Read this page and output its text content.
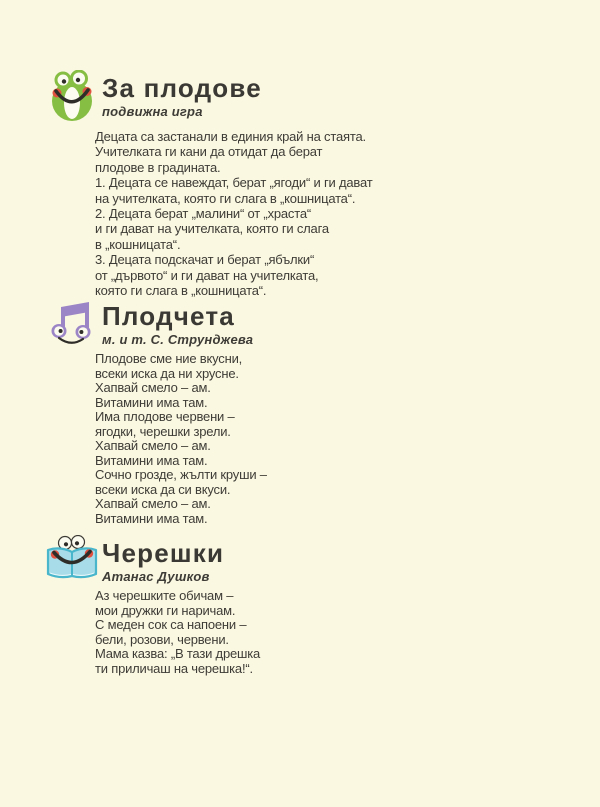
За плодове
подвижна игра
Децата са застанали в единия край на стаята.
Учителката ги кани да отидат да берат
плодове в градината.
1. Децата се навеждат, берат „ягоди“ и ги дават
на учителката, която ги слага в „кошницата“.
2. Децата берат „малини“ от „храста“
и ги дават на учителката, която ги слага
в „кошницата“.
3. Децата подскачат и берат „ябълки“
от „дървото“ и ги дават на учителката,
която ги слага в „кошницата“.
Плодчета
м. и т. С. Струнджева
Плодове сме ние вкусни,
всеки иска да ни хрусне.
Хапвай смело – ам.
Витамини има там.
Има плодове червени –
ягодки, черешки зрели.
Хапвай смело – ам.
Витамини има там.
Сочно грозде, жълти круши –
всеки иска да си вкуси.
Хапвай смело – ам.
Витамини има там.
Черешки
Атанас Душков
Аз черешките обичам –
мои дружки ги наричам.
С меден сок са напоени –
бели, розови, червени.
Мама казва: „В тази дрешка
ти приличаш на черешка!“.
